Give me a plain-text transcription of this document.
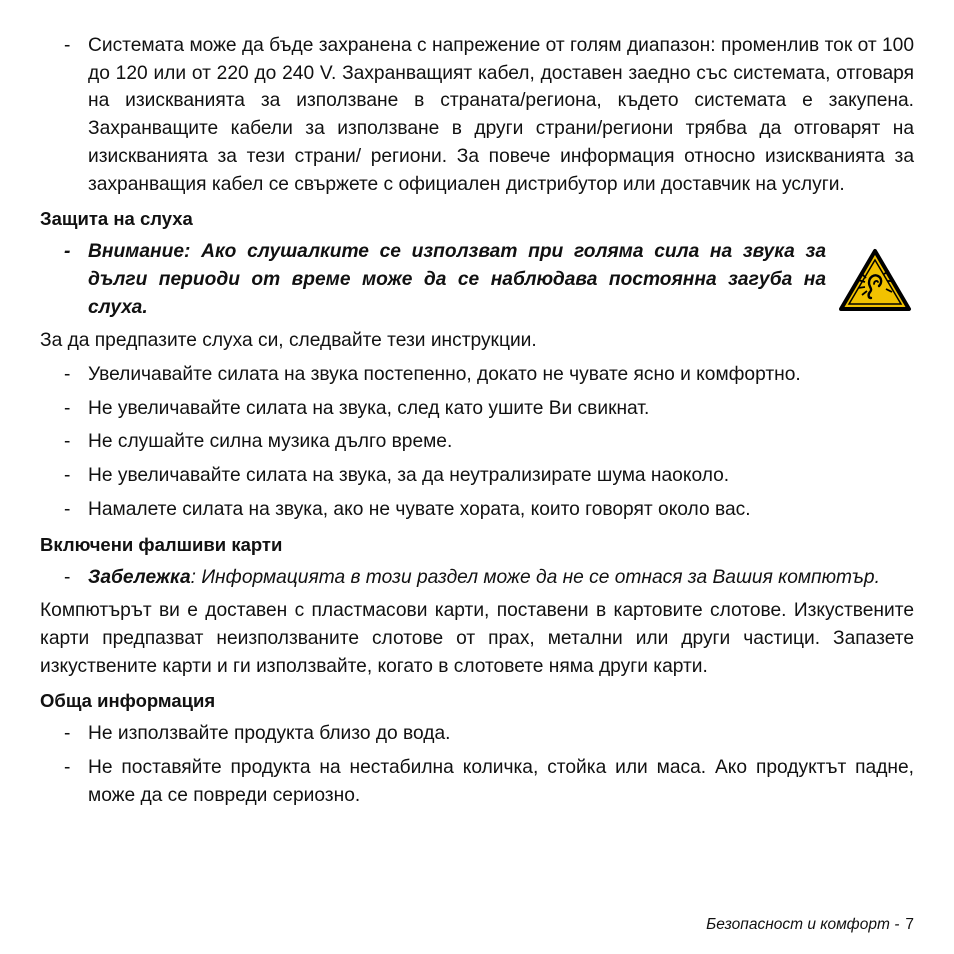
- Системата може да бъде захранена с напрежение от голям диапазон: променлив ток от 100 до 120 или от 220 до 240 V. Захранващият кабел, доставен заедно със системата, отговаря на изискванията за използване в страната/региона, където системата е закупена. Захранващите кабели за използване в други страни/региони трябва да отговарят на изискванията за тези страни/ региони. За повече информация относно изискванията за захранващия кабел се свържете с официален дистрибутор или доставчик на услуги.
Защита на слуха
- Внимание: Ако слушалките се използват при голяма сила на звука за дълги периоди от време може да се наблюдава постоянна загуба на слуха.

За да предпазите слуха си, следвайте тези инструкции.

- Увеличавайте силата на звука постепенно, докато не чувате ясно и комфортно.
- Не увеличавайте силата на звука, след като ушите Ви свикнат.
- Не слушайте силна музика дълго време.
- Не увеличавайте силата на звука, за да неутрализирате шума наоколо.
- Намалете силата на звука, ако не чувате хората, които говорят около вас.
Включени фалшиви карти
- Забележка: Информацията в този раздел може да не се отнася за Вашия компютър.

Компютърът ви е доставен с пластмасови карти, поставени в картовите слотове. Изкуствените карти предпазват неизползваните слотове от прах, метални или други частици. Запазете изкуствените карти и ги използвайте, когато в слотовете няма други карти.

Обща информация
- Не използвайте продукта близо до вода.
- Не поставяйте продукта на нестабилна количка, стойка или маса. Ако продуктът падне, може да се повреди сериозно.
Безопасност и комфорт - 7
